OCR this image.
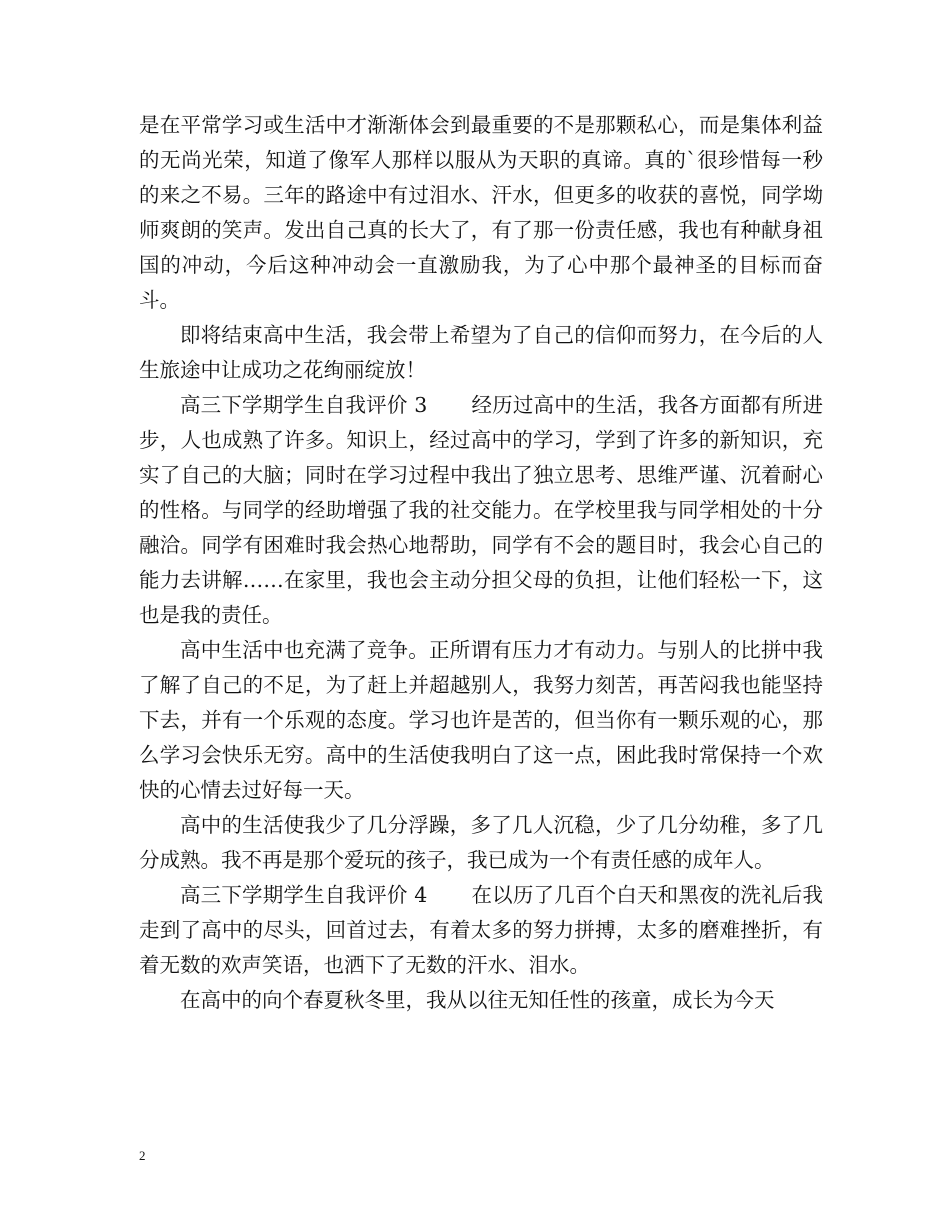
是在平常学习或生活中才渐渐体会到最重要的不是那颗私心，而是集体利益的无尚光荣，知道了像军人那样以服从为天职的真谛。真的`很珍惜每一秒的来之不易。三年的路途中有过泪水、汗水，但更多的收获的喜悦，同学坳师爽朗的笑声。发出自己真的长大了，有了那一份责任感，我也有种献身祖国的冲动，今后这种冲动会一直激励我，为了心中那个最神圣的目标而奋斗。

即将结束高中生活，我会带上希望为了自己的信仰而努力，在今后的人生旅途中让成功之花绚丽绽放！

高三下学期学生自我评价 3 经历过高中的生活，我各方面都有所进步，人也成熟了许多。知识上，经过高中的学习，学到了许多的新知识，充实了自己的大脑；同时在学习过程中我出了独立思考、思维严谨、沉着耐心的性格。与同学的经助增强了我的社交能力。在学校里我与同学相处的十分融洽。同学有困难时我会热心地帮助，同学有不会的题目时，我会心自己的能力去讲解……在家里，我也会主动分担父母的负担，让他们轻松一下，这也是我的责任。

高中生活中也充满了竞争。正所谓有压力才有动力。与别人的比拼中我了解了自己的不足，为了赶上并超越别人，我努力刻苦，再苦闷我也能坚持下去，并有一个乐观的态度。学习也许是苦的，但当你有一颗乐观的心，那么学习会快乐无穷。高中的生活使我明白了这一点，困此我时常保持一个欢快的心情去过好每一天。

高中的生活使我少了几分浮躁，多了几人沉稳，少了几分幼稚，多了几分成熟。我不再是那个爱玩的孩子，我已成为一个有责任感的成年人。

高三下学期学生自我评价 4 在以历了几百个白天和黑夜的洗礼后我走到了高中的尽头，回首过去，有着太多的努力拼搏，太多的磨难挫折，有着无数的欢声笑语，也洒下了无数的汗水、泪水。

在高中的向个春夏秋冬里，我从以往无知任性的孩童，成长为今天

2
